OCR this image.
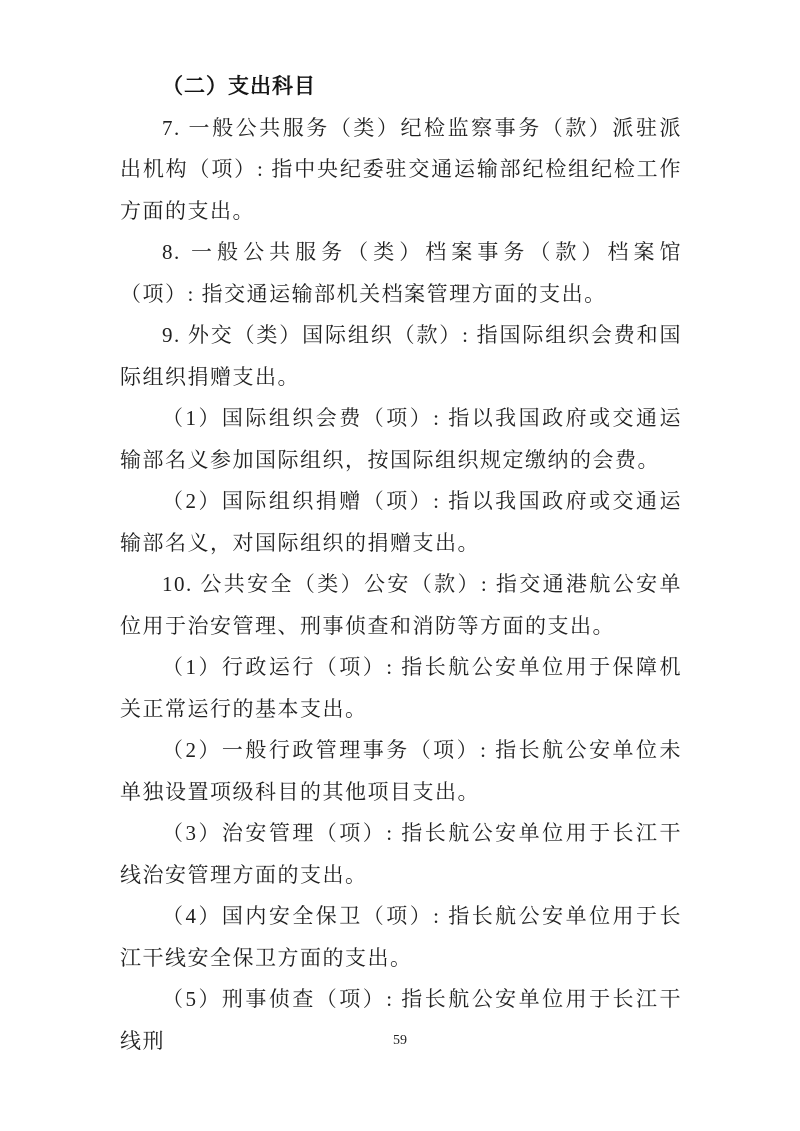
（二）支出科目

7. 一般公共服务（类）纪检监察事务（款）派驻派出机构（项）: 指中央纪委驻交通运输部纪检组纪检工作方面的支出。

8. 一般公共服务（类）档案事务（款）档案馆（项）: 指交通运输部机关档案管理方面的支出。

9. 外交（类）国际组织（款）: 指国际组织会费和国际组织捐赠支出。

（1）国际组织会费（项）: 指以我国政府或交通运输部名义参加国际组织，按国际组织规定缴纳的会费。

（2）国际组织捐赠（项）: 指以我国政府或交通运输部名义，对国际组织的捐赠支出。

10. 公共安全（类）公安（款）: 指交通港航公安单位用于治安管理、刑事侦查和消防等方面的支出。

（1）行政运行（项）: 指长航公安单位用于保障机关正常运行的基本支出。

（2）一般行政管理事务（项）: 指长航公安单位未单独设置项级科目的其他项目支出。

（3）治安管理（项）: 指长航公安单位用于长江干线治安管理方面的支出。

（4）国内安全保卫（项）: 指长航公安单位用于长江干线安全保卫方面的支出。

（5）刑事侦查（项）: 指长航公安单位用于长江干线刑	59
